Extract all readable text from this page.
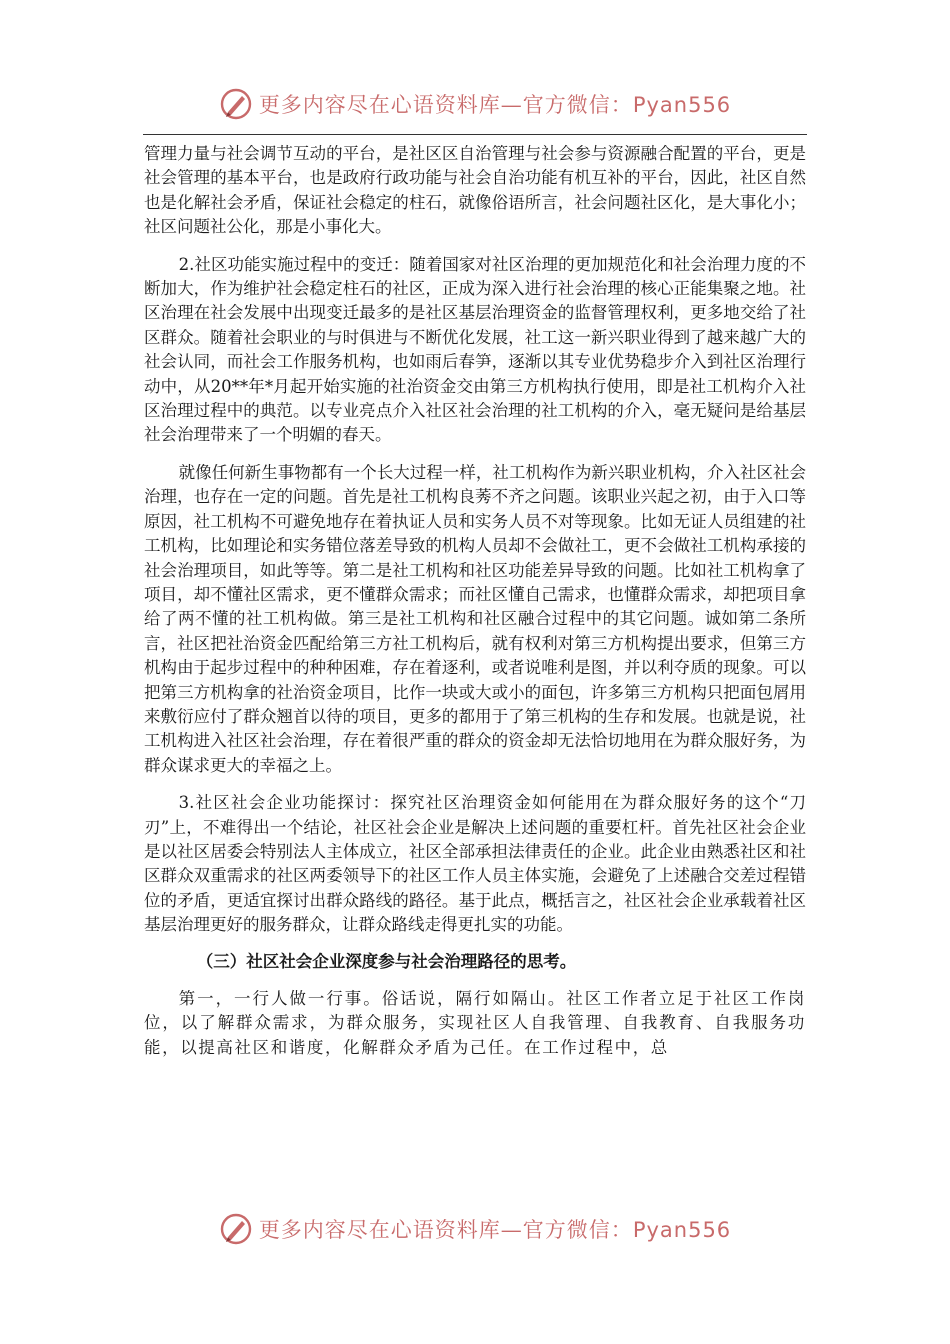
更多内容尽在心语资料库—官方微信：Pyan556

管理力量与社会调节互动的平台，是社区区自治管理与社会参与资源融合配置的平台，更是社会管理的基本平台，也是政府行政功能与社会自治功能有机互补的平台，因此，社区自然也是化解社会矛盾，保证社会稳定的柱石，就像俗语所言，社会问题社区化，是大事化小；社区问题社公化，那是小事化大。

2.社区功能实施过程中的变迁：随着国家对社区治理的更加规范化和社会治理力度的不断加大，作为维护社会稳定柱石的社区，正成为深入进行社会治理的核心正能集聚之地。社区治理在社会发展中出现变迁最多的是社区基层治理资金的监督管理权利，更多地交给了社区群众。随着社会职业的与时俱进与不断优化发展，社工这一新兴职业得到了越来越广大的社会认同，而社会工作服务机构，也如雨后春笋，逐渐以其专业优势稳步介入到社区治理行动中，从20**年*月起开始实施的社治资金交由第三方机构执行使用，即是社工机构介入社区治理过程中的典范。以专业亮点介入社区社会治理的社工机构的介入，毫无疑问是给基层社会治理带来了一个明媚的春天。

就像任何新生事物都有一个长大过程一样，社工机构作为新兴职业机构，介入社区社会治理，也存在一定的问题。首先是社工机构良莠不齐之问题。该职业兴起之初，由于入口等原因，社工机构不可避免地存在着执证人员和实务人员不对等现象。比如无证人员组建的社工机构，比如理论和实务错位落差导致的机构人员却不会做社工，更不会做社工机构承接的社会治理项目，如此等等。第二是社工机构和社区功能差异导致的问题。比如社工机构拿了项目，却不懂社区需求，更不懂群众需求；而社区懂自己需求，也懂群众需求，却把项目拿给了两不懂的社工机构做。第三是社工机构和社区融合过程中的其它问题。诚如第二条所言，社区把社治资金匹配给第三方社工机构后，就有权利对第三方机构提出要求，但第三方机构由于起步过程中的种种困难，存在着逐利，或者说唯利是图，并以利夺质的现象。可以把第三方机构拿的社治资金项目，比作一块或大或小的面包，许多第三方机构只把面包屑用来敷衍应付了群众翘首以待的项目，更多的都用于了第三机构的生存和发展。也就是说，社工机构进入社区社会治理，存在着很严重的群众的资金却无法恰切地用在为群众服好务，为群众谋求更大的幸福之上。

3.社区社会企业功能探讨：探究社区治理资金如何能用在为群众服好务的这个“刀刃”上，不难得出一个结论，社区社会企业是解决上述问题的重要杠杆。首先社区社会企业是以社区居委会特别法人主体成立，社区全部承担法律责任的企业。此企业由熟悉社区和社区群众双重需求的社区两委领导下的社区工作人员主体实施，会避免了上述融合交差过程错位的矛盾，更适宜探讨出群众路线的路径。基于此点，概括言之，社区社会企业承载着社区基层治理更好的服务群众，让群众路线走得更扎实的功能。

（三）社区社会企业深度参与社会治理路径的思考。

第一，一行人做一行事。俗话说，隔行如隔山。社区工作者立足于社区工作岗位，以了解群众需求，为群众服务，实现社区人自我管理、自我教育、自我服务功能，以提高社区和谐度，化解群众矛盾为己任。在工作过程中，总

更多内容尽在心语资料库—官方微信：Pyan556
